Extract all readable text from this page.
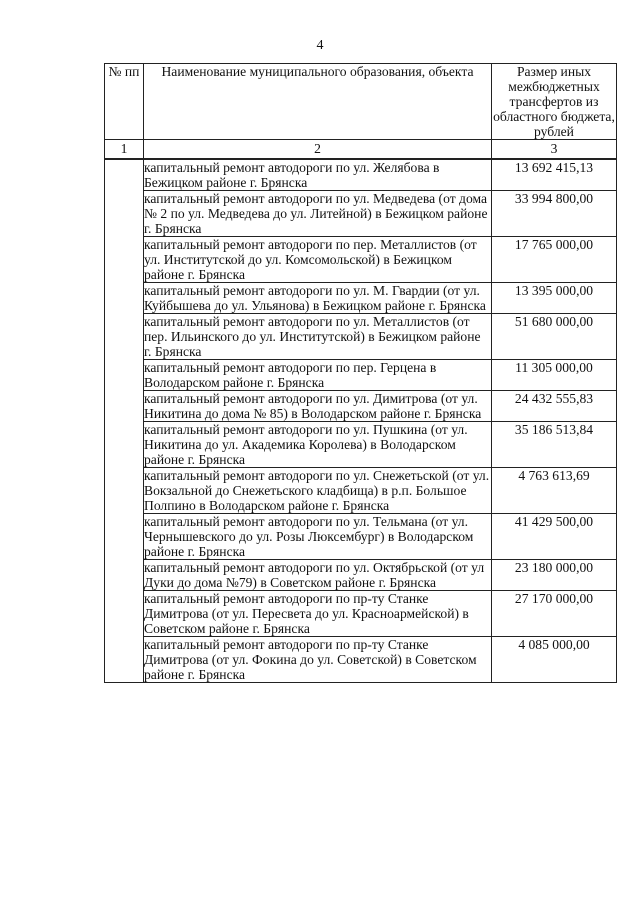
4
№ пп	Наименование муниципального образования, объекта	Размер иных межбюджетных трансфертов из областного бюджета, рублей
1	2	3
	капитальный ремонт автодороги по ул. Желябова в Бежицком районе г. Брянска	13 692 415,13
	капитальный ремонт автодороги по ул. Медведева (от дома № 2 по ул. Медведева до ул. Литейной) в Бежицком районе г. Брянска	33 994 800,00
	капитальный ремонт автодороги по пер. Металлистов (от ул. Институтской до ул. Комсомольской) в Бежицком районе г. Брянска	17 765 000,00
	капитальный ремонт автодороги по ул. М. Гвардии (от ул. Куйбышева до ул. Ульянова) в Бежицком районе г. Брянска	13 395 000,00
	капитальный ремонт автодороги по ул. Металлистов (от пер. Ильинского до ул. Институтской) в Бежицком районе г. Брянска	51 680 000,00
	капитальный ремонт автодороги по пер. Герцена в Володарском районе г. Брянска	11 305 000,00
	капитальный ремонт автодороги по ул. Димитрова (от ул. Никитина до дома № 85) в Володарском районе г. Брянска	24 432 555,83
	капитальный ремонт автодороги по ул. Пушкина (от ул. Никитина до ул. Академика Королева) в Володарском районе г. Брянска	35 186 513,84
	капитальный ремонт автодороги по ул. Снежетьской (от ул. Вокзальной до Снежетьского кладбища) в р.п. Большое Полпино в Володарском районе г. Брянска	4 763 613,69
	капитальный ремонт автодороги по ул. Тельмана (от ул. Чернышевского до ул. Розы Люксембург) в Володарском районе г. Брянска	41 429 500,00
	капитальный ремонт автодороги по ул. Октябрьской (от ул Дуки до дома №79) в Советском районе г. Брянска	23 180 000,00
	капитальный ремонт автодороги по пр-ту Станке Димитрова (от ул. Пересвета до ул. Красноармейской) в Советском районе г. Брянска	27 170 000,00
	капитальный ремонт автодороги по пр-ту Станке Димитрова (от ул. Фокина до ул. Советской) в Советском районе г. Брянска	4 085 000,00
